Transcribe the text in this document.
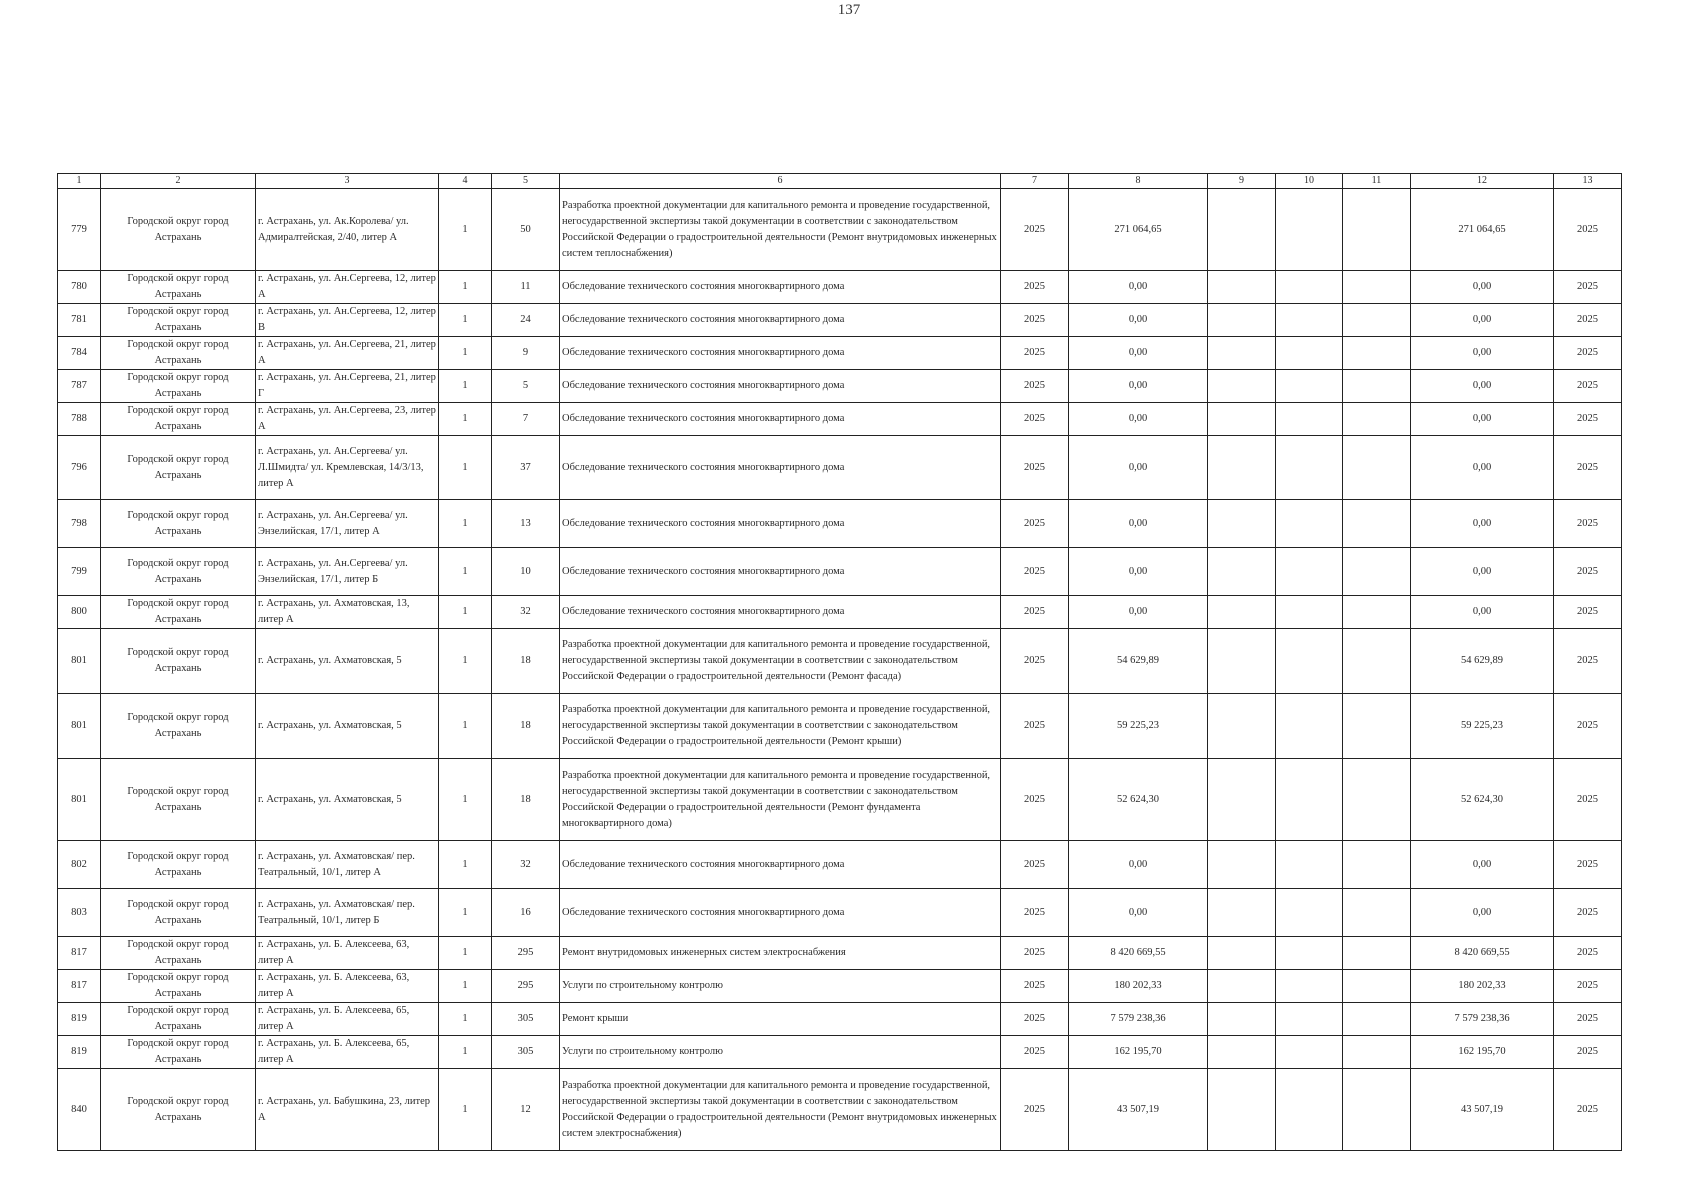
137
1	2	3	4	5	6	7	8	9	10	11	12	13
779	Городской округ город Астрахань	г. Астрахань, ул. Ак.Королева/ ул. Адмиралтейская, 2/40, литер А	1	50	Разработка проектной документации для капитального ремонта и проведение государственной, негосударственной экспертизы такой документации в соответствии с законодательством Российской Федерации о градостроительной деятельности (Ремонт внутридомовых инженерных систем теплоснабжения)	2025	271 064,65				271 064,65	2025
780	Городской округ город Астрахань	г. Астрахань, ул. Ан.Сергеева, 12, литер А	1	11	Обследование технического состояния многоквартирного дома	2025	0,00				0,00	2025
781	Городской округ город Астрахань	г. Астрахань, ул. Ан.Сергеева, 12, литер В	1	24	Обследование технического состояния многоквартирного дома	2025	0,00				0,00	2025
784	Городской округ город Астрахань	г. Астрахань, ул. Ан.Сергеева, 21, литер А	1	9	Обследование технического состояния многоквартирного дома	2025	0,00				0,00	2025
787	Городской округ город Астрахань	г. Астрахань, ул. Ан.Сергеева, 21, литер Г	1	5	Обследование технического состояния многоквартирного дома	2025	0,00				0,00	2025
788	Городской округ город Астрахань	г. Астрахань, ул. Ан.Сергеева, 23, литер А	1	7	Обследование технического состояния многоквартирного дома	2025	0,00				0,00	2025
796	Городской округ город Астрахань	г. Астрахань, ул. Ан.Сергеева/ ул. Л.Шмидта/ ул. Кремлевская, 14/3/13, литер А	1	37	Обследование технического состояния многоквартирного дома	2025	0,00				0,00	2025
798	Городской округ город Астрахань	г. Астрахань, ул. Ан.Сергеева/ ул. Энзелийская, 17/1, литер А	1	13	Обследование технического состояния многоквартирного дома	2025	0,00				0,00	2025
799	Городской округ город Астрахань	г. Астрахань, ул. Ан.Сергеева/ ул. Энзелийская, 17/1, литер Б	1	10	Обследование технического состояния многоквартирного дома	2025	0,00				0,00	2025
800	Городской округ город Астрахань	г. Астрахань, ул. Ахматовская, 13, литер А	1	32	Обследование технического состояния многоквартирного дома	2025	0,00				0,00	2025
801	Городской округ город Астрахань	г. Астрахань, ул. Ахматовская, 5	1	18	Разработка проектной документации для капитального ремонта и проведение государственной, негосударственной экспертизы такой документации в соответствии с законодательством Российской Федерации о градостроительной деятельности (Ремонт фасада)	2025	54 629,89				54 629,89	2025
801	Городской округ город Астрахань	г. Астрахань, ул. Ахматовская, 5	1	18	Разработка проектной документации для капитального ремонта и проведение государственной, негосударственной экспертизы такой документации в соответствии с законодательством Российской Федерации о градостроительной деятельности (Ремонт крыши)	2025	59 225,23				59 225,23	2025
801	Городской округ город Астрахань	г. Астрахань, ул. Ахматовская, 5	1	18	Разработка проектной документации для капитального ремонта и проведение государственной, негосударственной экспертизы такой документации в соответствии с законодательством Российской Федерации о градостроительной деятельности (Ремонт фундамента многоквартирного дома)	2025	52 624,30				52 624,30	2025
802	Городской округ город Астрахань	г. Астрахань, ул. Ахматовская/ пер. Театральный, 10/1, литер А	1	32	Обследование технического состояния многоквартирного дома	2025	0,00				0,00	2025
803	Городской округ город Астрахань	г. Астрахань, ул. Ахматовская/ пер. Театральный, 10/1, литер Б	1	16	Обследование технического состояния многоквартирного дома	2025	0,00				0,00	2025
817	Городской округ город Астрахань	г. Астрахань, ул. Б. Алексеева, 63, литер А	1	295	Ремонт внутридомовых инженерных систем электроснабжения	2025	8 420 669,55				8 420 669,55	2025
817	Городской округ город Астрахань	г. Астрахань, ул. Б. Алексеева, 63, литер А	1	295	Услуги по строительному контролю	2025	180 202,33				180 202,33	2025
819	Городской округ город Астрахань	г. Астрахань, ул. Б. Алексеева, 65, литер А	1	305	Ремонт крыши	2025	7 579 238,36				7 579 238,36	2025
819	Городской округ город Астрахань	г. Астрахань, ул. Б. Алексеева, 65, литер А	1	305	Услуги по строительному контролю	2025	162 195,70				162 195,70	2025
840	Городской округ город Астрахань	г. Астрахань, ул. Бабушкина, 23, литер А	1	12	Разработка проектной документации для капитального ремонта и проведение государственной, негосударственной экспертизы такой документации в соответствии с законодательством Российской Федерации о градостроительной деятельности (Ремонт внутридомовых инженерных систем электроснабжения)	2025	43 507,19				43 507,19	2025
